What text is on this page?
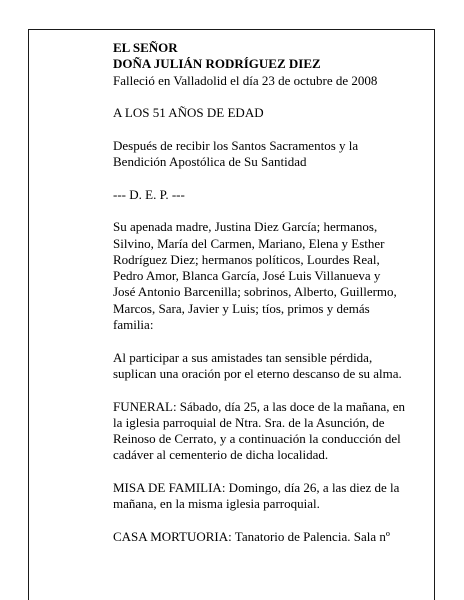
EL SEÑOR

DOÑA JULIÁN RODRÍGUEZ DIEZ

Falleció en Valladolid el día 23 de octubre de 2008

A LOS 51 AÑOS DE EDAD

Después de recibir los Santos Sacramentos y la
Bendición Apostólica de Su Santidad

--- D. E. P. ---

Su apenada madre, Justina Diez García; hermanos,
Silvino, María del Carmen, Mariano, Elena y Esther
Rodríguez Diez; hermanos políticos, Lourdes Real,
Pedro Amor, Blanca García, José Luis Villanueva y
José Antonio Barcenilla; sobrinos, Alberto, Guillermo,
Marcos, Sara, Javier y Luis; tíos, primos y demás
familia:

Al participar a sus amistades tan sensible pérdida,
suplican una oración por el eterno descanso de su alma.

FUNERAL: Sábado, día 25, a las doce de la mañana, en
la iglesia parroquial de Ntra. Sra. de la Asunción, de
Reinoso de Cerrato, y a continuación la conducción del
cadáver al cementerio de dicha localidad.

MISA DE FAMILIA: Domingo, día 26, a las diez de la
mañana, en la misma iglesia parroquial.

CASA MORTUORIA: Tanatorio de Palencia. Sala nº
